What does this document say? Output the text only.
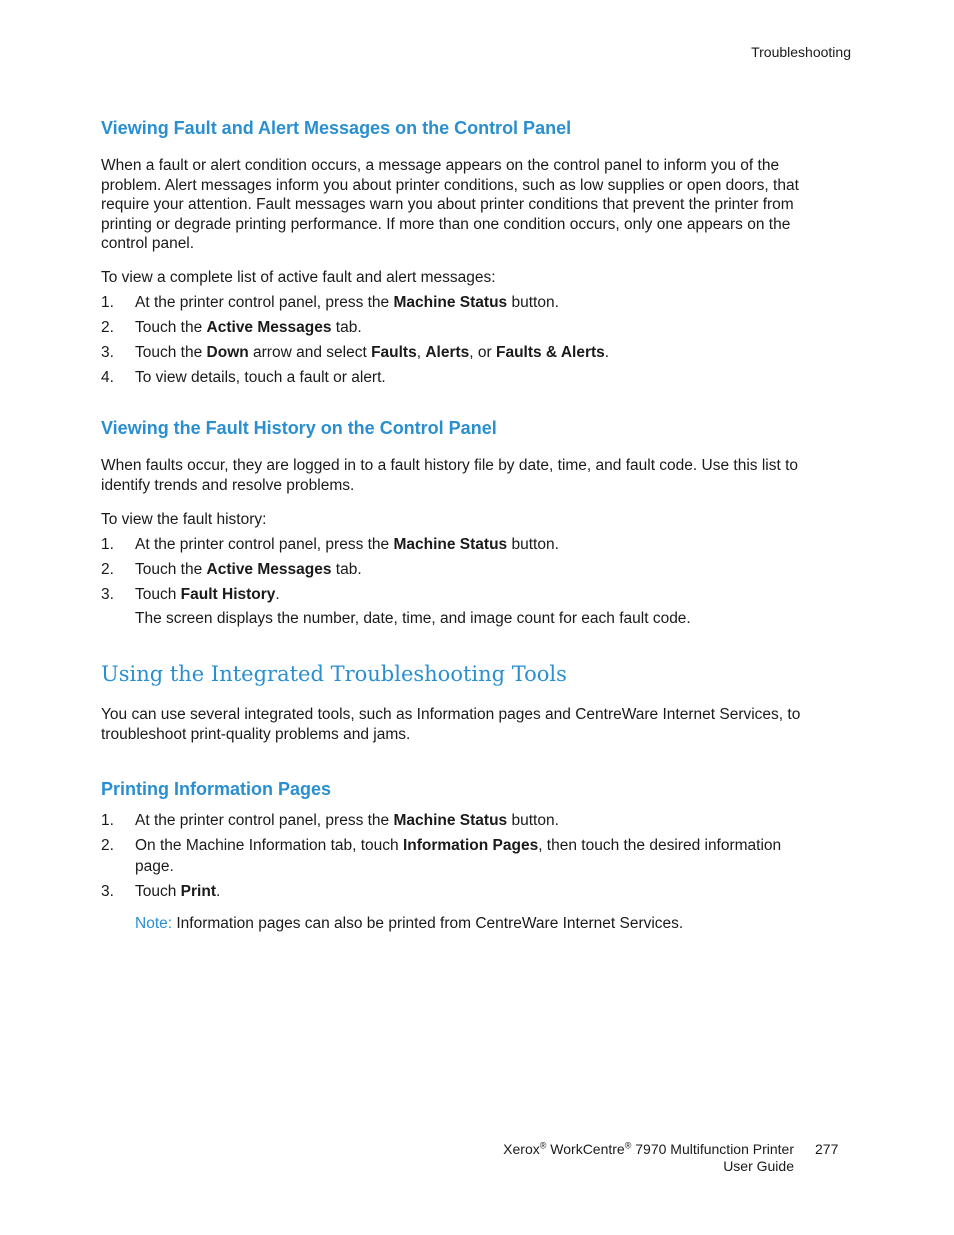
Troubleshooting
Viewing Fault and Alert Messages on the Control Panel
When a fault or alert condition occurs, a message appears on the control panel to inform you of the
problem. Alert messages inform you about printer conditions, such as low supplies or open doors, that
require your attention. Fault messages warn you about printer conditions that prevent the printer from
printing or degrade printing performance. If more than one condition occurs, only one appears on the
control panel.
To view a complete list of active fault and alert messages:
1. At the printer control panel, press the Machine Status button.
2. Touch the Active Messages tab.
3. Touch the Down arrow and select Faults, Alerts, or Faults & Alerts.
4. To view details, touch a fault or alert.
Viewing the Fault History on the Control Panel
When faults occur, they are logged in to a fault history file by date, time, and fault code. Use this list to
identify trends and resolve problems.
To view the fault history:
1. At the printer control panel, press the Machine Status button.
2. Touch the Active Messages tab.
3. Touch Fault History.
The screen displays the number, date, time, and image count for each fault code.
Using the Integrated Troubleshooting Tools
You can use several integrated tools, such as Information pages and CentreWare Internet Services, to
troubleshoot print-quality problems and jams.
Printing Information Pages
1. At the printer control panel, press the Machine Status button.
2. On the Machine Information tab, touch Information Pages, then touch the desired information
page.
3. Touch Print.
Note: Information pages can also be printed from CentreWare Internet Services.
Xerox® WorkCentre® 7970 Multifunction Printer
User Guide
277
